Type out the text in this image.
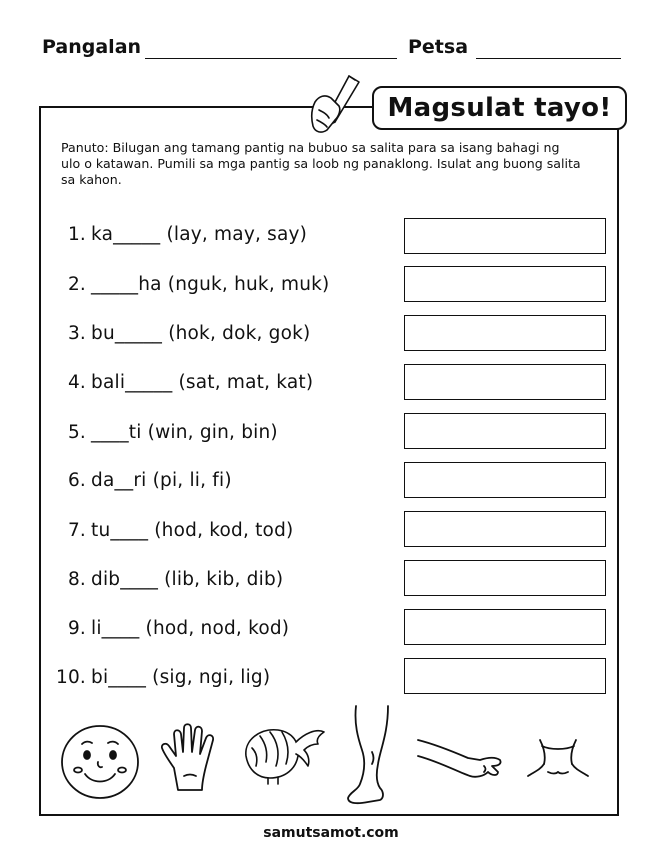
Pangalan	Petsa
Magsulat tayo!
Panuto: Bilugan ang tamang pantig na bubuo sa salita para sa isang bahagi ng ulo o katawan. Pumili sa mga pantig sa loob ng panaklong. Isulat ang buong salita sa kahon.
1. ka_____ (lay, may, say)
2. _____ha (nguk, huk, muk)
3. bu_____ (hok, dok, gok)
4. bali_____ (sat, mat, kat)
5. ____ti (win, gin, bin)
6. da__ri (pi, li, fi)
7. tu____ (hod, kod, tod)
8. dib____ (lib, kib, dib)
9. li____ (hod, nod, kod)
10. bi____ (sig, ngi, lig)
samutsamot.com
